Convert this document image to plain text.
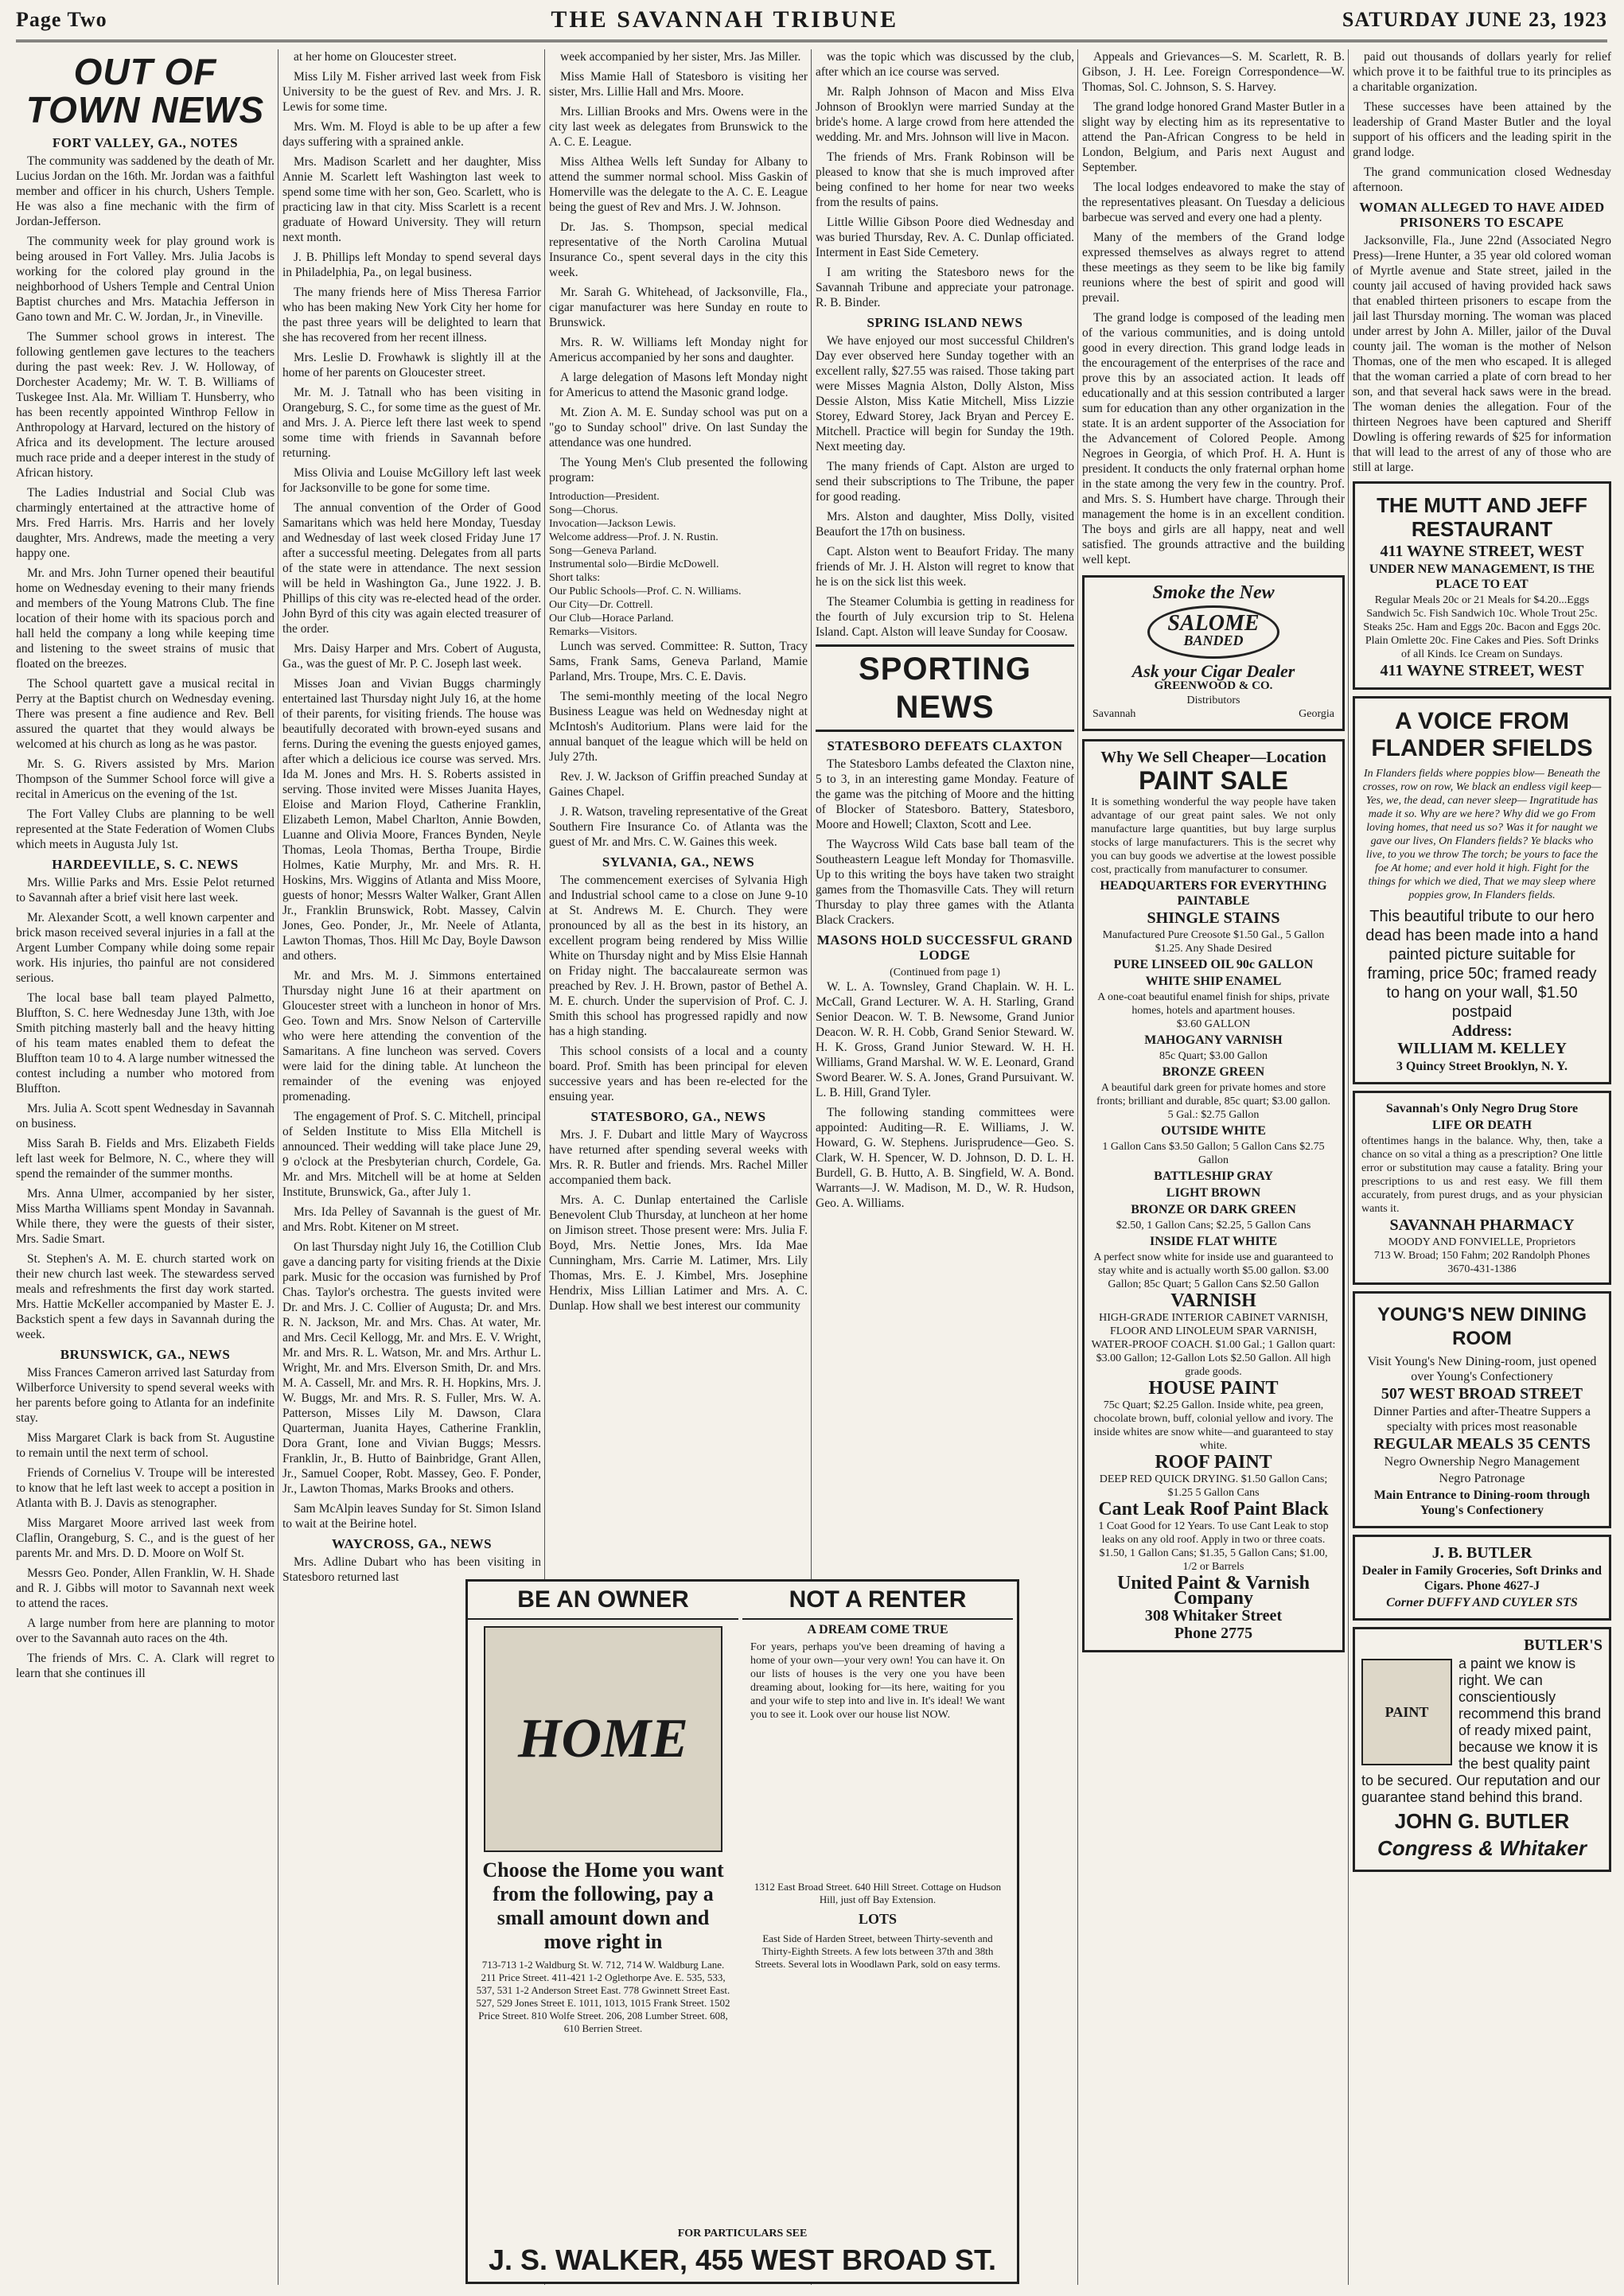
Page Two	THE SAVANNAH TRIBUNE	SATURDAY JUNE 23, 1923
OUT OF TOWN NEWS
FORT VALLEY, GA., NOTES

The community was saddened by the death of Mr. Lucius Jordan on the 16th. Mr. Jordan was a faithful member and officer in his church, Ushers Temple. He was also a fine mechanic with the firm of Jordan-Jefferson.

The community week for play ground work is being aroused in Fort Valley. Mrs. Julia Jacobs is working for the colored play ground in the neighborhood of Ushers Temple and Central Union Baptist churches and Mrs. Matachia Jefferson in Gano town and Mr. C. W. Jordan, Jr., in Vineville.

The Summer school grows in interest. The following gentlemen gave lectures to the teachers during the past week: Rev. J. W. Holloway, of Dorchester Academy; Mr. W. T. B. Williams of Tuskegee Inst. Ala. Mr. William T. Hunsberry, who has been recently appointed Winthrop Fellow in Anthropology at Harvard, lectured on the history of Africa and its development. The lecture aroused much race pride and a deeper interest in the study of African history.

The Ladies Industrial and Social Club was charmingly entertained at the attractive home of Mrs. Fred Harris. Mrs. Harris and her lovely daughter, Mrs. Andrews, made the meeting a very happy one.

Mr. and Mrs. John Turner opened their beautiful home on Wednesday evening to their many friends and members of the Young Matrons Club. The fine location of their home with its spacious porch and hall held the company a long while keeping time and listening to the sweet strains of music that floated on the breezes.

The School quartett gave a musical recital in Perry at the Baptist church on Wednesday evening. There was present a fine audience and Rev. Bell assured the quartet that they would always be welcomed at his church as long as he was pastor.

Mr. S. G. Rivers assisted by Mrs. Marion Thompson of the Summer School force will give a recital in Americus on the evening of the 1st.

The Fort Valley Clubs are planning to be well represented at the State Federation of Women Clubs which meets in Augusta July 1st.

HARDEEVILLE, S. C. NEWS

Mrs. Willie Parks and Mrs. Essie Pelot returned to Savannah after a brief visit here last week.

Mr. Alexander Scott, a well known carpenter and brick mason received several injuries in a fall at the Argent Lumber Company while doing some repair work. His injuries, tho painful are not considered serious.

The local base ball team played Palmetto, Bluffton, S. C. here Wednesday June 13th, with Joe Smith pitching masterly ball and the heavy hitting of his team mates enabled them to defeat the Bluffton team 10 to 4. A large number witnessed the contest including a number who motored from Bluffton.

Mrs. Julia A. Scott spent Wednesday in Savannah on business.

Miss Sarah B. Fields and Mrs. Elizabeth Fields left last week for Belmore, N. C., where they will spend the remainder of the summer months.

Mrs. Anna Ulmer, accompanied by her sister, Miss Martha Williams spent Monday in Savannah. While there, they were the guests of their sister, Mrs. Sadie Smart.

St. Stephen's A. M. E. church started work on their new church last week. The stewardess served meals and refreshments the first day work started. Mrs. Hattie McKeller accompanied by Master E. J. Backstich spent a few days in Savannah during the week.

BRUNSWICK, GA., NEWS

Miss Frances Cameron arrived last Saturday from Wilberforce University to spend several weeks with her parents before going to Atlanta for an indefinite stay.

Miss Margaret Clark is back from St. Augustine to remain until the next term of school.

Friends of Cornelius V. Troupe will be interested to know that he left last week to accept a position in Atlanta with B. J. Davis as stenographer.

Miss Margaret Moore arrived last week from Claflin, Orangeburg, S. C., and is the guest of her parents Mr. and Mrs. D. D. Moore on Wolf St.

Messrs Geo. Ponder, Allen Franklin, W. H. Shade and R. J. Gibbs will motor to Savannah next week to attend the races.

A large number from here are planning to motor over to the Savannah auto races on the 4th.

The friends of Mrs. C. A. Clark will regret to learn that she continues ill

at her home on Gloucester street.

Miss Lily M. Fisher arrived last week from Fisk University to be the guest of Rev. and Mrs. J. R. Lewis for some time.

Mrs. Wm. M. Floyd is able to be up after a few days suffering with a sprained ankle.

Mrs. Madison Scarlett and her daughter, Miss Annie M. Scarlett left Washington last week to spend some time with her son, Geo. Scarlett, who is practicing law in that city. Miss Scarlett is a recent graduate of Howard University. They will return next month.

J. B. Phillips left Monday to spend several days in Philadelphia, Pa., on legal business.

The many friends here of Miss Theresa Farrior who has been making New York City her home for the past three years will be delighted to learn that she has recovered from her recent illness.

Mrs. Leslie D. Frowhawk is slightly ill at the home of her parents on Gloucester street.

Mr. M. J. Tatnall who has been visiting in Orangeburg, S. C., for some time as the guest of Mr. and Mrs. J. A. Pierce left there last week to spend some time with friends in Savannah before returning.

Miss Olivia and Louise McGillory left last week for Jacksonville to be gone for some time.

The annual convention of the Order of Good Samaritans which was held here Monday, Tuesday and Wednesday of last week closed Friday June 17 after a successful meeting. Delegates from all parts of the state were in attendance. The next session will be held in Washington Ga., June 1922. J. B. Phillips of this city was re-elected head of the order. John Byrd of this city was again elected treasurer of the order.

Mrs. Daisy Harper and Mrs. Cobert of Augusta, Ga., was the guest of Mr. P. C. Joseph last week.

Misses Joan and Vivian Buggs charmingly entertained last Thursday night July 16, at the home of their parents, for visiting friends. The house was beautifully decorated with brown-eyed susans and ferns. During the evening the guests enjoyed games, after which a delicious ice course was served. Mrs. Ida M. Jones and Mrs. H. S. Roberts assisted in serving. Those invited were Misses Juanita Hayes, Eloise and Marion Floyd, Catherine Franklin, Elizabeth Lemon, Mabel Charlton, Annie Bowden, Luanne and Olivia Moore, Frances Bynden, Neyle Thomas, Leola Thomas, Bertha Troupe, Birdie Holmes, Katie Murphy, Mr. and Mrs. R. H. Hoskins, Mrs. Wiggins of Atlanta and Miss Moore, guests of honor; Messrs Walter Walker, Grant Allen Jr., Franklin Brunswick, Robt. Massey, Calvin Jones, Geo. Ponder, Jr., Mr. Neele of Atlanta, Lawton Thomas, Thos. Hill Mc Day, Boyle Dawson and others.

Mr. and Mrs. M. J. Simmons entertained Thursday night June 16 at their apartment on Gloucester street with a luncheon in honor of Mrs. Geo. Town and Mrs. Snow Nelson of Carterville who were here attending the convention of the Samaritans. A fine luncheon was served. Covers were laid for the dining table. At luncheon the remainder of the evening was enjoyed promenading.

The engagement of Prof. S. C. Mitchell, principal of Selden Institute to Miss Ella Mitchell is announced. Their wedding will take place June 29, 9 o'clock at the Presbyterian church, Cordele, Ga. Mr. and Mrs. Mitchell will be at home at Selden Institute, Brunswick, Ga., after July 1.

Mrs. Ida Pelley of Savannah is the guest of Mr. and Mrs. Robt. Kitener on M street.

On last Thursday night July 16, the Cotillion Club gave a dancing party for visiting friends at the Dixie park. Music for the occasion was furnished by Prof Chas. Taylor's orchestra. The guests invited were Dr. and Mrs. J. C. Collier of Augusta; Dr. and Mrs. R. N. Jackson, Mr. and Mrs. Chas. At water, Mr. and Mrs. Cecil Kellogg, Mr. and Mrs. E. V. Wright, Mr. and Mrs. R. L. Watson, Mr. and Mrs. Arthur L. Wright, Mr. and Mrs. Elverson Smith, Dr. and Mrs. M. A. Cassell, Mr. and Mrs. R. H. Hopkins, Mrs. J. W. Buggs, Mr. and Mrs. R. S. Fuller, Mrs. W. A. Patterson, Misses Lily M. Dawson, Clara Quarterman, Juanita Hayes, Catherine Franklin, Dora Grant, Ione and Vivian Buggs; Messrs. Franklin, Jr., B. Hutto of Bainbridge, Grant Allen, Jr., Samuel Cooper, Robt. Massey, Geo. F. Ponder, Jr., Lawton Thomas, Marks Brooks and others.

Sam McAlpin leaves Sunday for St. Simon Island to wait at the Beirine hotel.

WAYCROSS, GA., NEWS

Mrs. Adline Dubart who has been visiting in Statesboro returned last

week accompanied by her sister, Mrs. Jas Miller.

Miss Mamie Hall of Statesboro is visiting her sister, Mrs. Lillie Hall and Mrs. Moore.

Mrs. Lillian Brooks and Mrs. Owens were in the city last week as delegates from Brunswick to the A. C. E. League.

Miss Althea Wells left Sunday for Albany to attend the summer normal school. Miss Gaskin of Homerville was the delegate to the A. C. E. League being the guest of Rev and Mrs. J. W. Johnson.

Dr. Jas. S. Thompson, special medical representative of the North Carolina Mutual Insurance Co., spent several days in the city this week.

Mr. Sarah G. Whitehead, of Jacksonville, Fla., cigar manufacturer was here Sunday en route to Brunswick.

Mrs. R. W. Williams left Monday night for Americus accompanied by her sons and daughter.

A large delegation of Masons left Monday night for Americus to attend the Masonic grand lodge.

Mt. Zion A. M. E. Sunday school was put on a "go to Sunday school" drive. On last Sunday the attendance was one hundred.

The Young Men's Club presented the following program:

Introduction—President.
Song—Chorus.
Invocation—Jackson Lewis.
Welcome address—Prof. J. N. Rustin.
Song—Geneva Parland.
Instrumental solo—Birdie McDowell.
Short talks:
Our Public Schools—Prof. C. N. Williams.
Our City—Dr. Cottrell.
Our Club—Horace Parland.
Remarks—Visitors.

Lunch was served. Committee: R. Sutton, Tracy Sams, Frank Sams, Geneva Parland, Mamie Parland, Mrs. Troupe, Mrs. C. E. Davis.

The semi-monthly meeting of the local Negro Business League was held on Wednesday night at McIntosh's Auditorium. Plans were laid for the annual banquet of the league which will be held on July 27th.

Rev. J. W. Jackson of Griffin preached Sunday at Gaines Chapel.

J. R. Watson, traveling representative of the Great Southern Fire Insurance Co. of Atlanta was the guest of Mr. and Mrs. C. W. Gaines this week.

SYLVANIA, GA., NEWS

The commencement exercises of Sylvania High and Industrial school came to a close on June 9-10 at St. Andrews M. E. Church. They were pronounced by all as the best in its history, an excellent program being rendered by Miss Willie White on Thursday night and by Miss Elsie Hannah on Friday night. The baccalaureate sermon was preached by Rev. J. H. Brown, pastor of Bethel A. M. E. church. Under the supervision of Prof. C. J. Smith this school has progressed rapidly and now has a high standing.

This school consists of a local and a county board. Prof. Smith has been principal for eleven successive years and has been re-elected for the ensuing year.

STATESBORO, GA., NEWS

Mrs. J. F. Dubart and little Mary of Waycross have returned after spending several weeks with Mrs. R. R. Butler and friends. Mrs. Rachel Miller accompanied them back.

Mrs. A. C. Dunlap entertained the Carlisle Benevolent Club Thursday, at luncheon at her home on Jimison street. Those present were: Mrs. Julia F. Boyd, Mrs. Nettie Jones, Mrs. Ida Mae Cunningham, Mrs. Carrie M. Latimer, Mrs. Lily Thomas, Mrs. E. J. Kimbel, Mrs. Josephine Hendrix, Miss Lillian Latimer and Mrs. A. C. Dunlap. How shall we best interest our community

was the topic which was discussed by the club, after which an ice course was served.

Mr. Ralph Johnson of Macon and Miss Elva Johnson of Brooklyn were married Sunday at the bride's home. A large crowd from here attended the wedding. Mr. and Mrs. Johnson will live in Macon.

The friends of Mrs. Frank Robinson will be pleased to know that she is much improved after being confined to her home for near two weeks from the results of pains.

Little Willie Gibson Poore died Wednesday and was buried Thursday, Rev. A. C. Dunlap officiated. Interment in East Side Cemetery.

I am writing the Statesboro news for the Savannah Tribune and appreciate your patronage. R. B. Binder.

SPRING ISLAND NEWS

We have enjoyed our most successful Children's Day ever observed here Sunday together with an excellent rally, $27.55 was raised. Those taking part were Misses Magnia Alston, Dolly Alston, Miss Dessie Alston, Miss Katie Mitchell, Miss Lizzie Storey, Edward Storey, Jack Bryan and Percey E. Mitchell. Practice will begin for Sunday the 19th. Next meeting day.

The many friends of Capt. Alston are urged to send their subscriptions to The Tribune, the paper for good reading.

Mrs. Alston and daughter, Miss Dolly, visited Beaufort the 17th on business.

Capt. Alston went to Beaufort Friday. The many friends of Mr. J. H. Alston will regret to know that he is on the sick list this week.

The Steamer Columbia is getting in readiness for the fourth of July excursion trip to St. Helena Island. Capt. Alston will leave Sunday for Coosaw.

SPORTING NEWS
STATESBORO DEFEATS CLAXTON

The Statesboro Lambs defeated the Claxton nine, 5 to 3, in an interesting game Monday. Feature of the game was the pitching of Moore and the hitting of Blocker of Statesboro. Battery, Statesboro, Moore and Howell; Claxton, Scott and Lee.

The Waycross Wild Cats base ball team of the Southeastern League left Monday for Thomasville. Up to this writing the boys have taken two straight games from the Thomasville Cats. They will return Thursday to play three games with the Atlanta Black Crackers.

MASONS HOLD SUCCESSFUL GRAND LODGE
(Continued from page 1)

W. L. A. Townsley, Grand Chaplain. W. H. L. McCall, Grand Lecturer. W. A. H. Starling, Grand Senior Deacon. W. T. B. Newsome, Grand Junior Deacon. W. R. H. Cobb, Grand Senior Steward. W. H. K. Gross, Grand Junior Steward. W. H. H. Williams, Grand Marshal. W. W. E. Leonard, Grand Sword Bearer. W. S. A. Jones, Grand Pursuivant. W. L. B. Hill, Grand Tyler.

The following standing committees were appointed: Auditing—R. E. Williams, J. W. Howard, G. W. Stephens. Jurisprudence—Geo. S. Clark, W. H. Spencer, W. D. Johnson, D. D. L. H. Burdell, G. B. Hutto, A. B. Singfield, W. A. Bond. Warrants—J. W. Madison, M. D., W. R. Hudson, Geo. A. Williams.

BE AN OWNER
HOME
Choose the Home you want from the following, pay a small amount down and move right in
713-713 1-2 Waldburg St. W. 712, 714 W. Waldburg Lane. 211 Price Street. 411-421 1-2 Oglethorpe Ave. E. 535, 533, 537, 531 1-2 Anderson Street East. 778 Gwinnett Street East. 527, 529 Jones Street E. 1011, 1013, 1015 Frank Street. 1502 Price Street. 810 Wolfe Street. 206, 208 Lumber Street. 608, 610 Berrien Street.
NOT A RENTER
A DREAM COME TRUE
For years, perhaps you've been dreaming of having a home of your own—your very own! You can have it. On our lists of houses is the very one you have been dreaming about, looking for—its here, waiting for you and your wife to step into and live in. It's ideal! We want you to see it. Look over our house list NOW.
1312 East Broad Street. 640 Hill Street. Cottage on Hudson Hill, just off Bay Extension.
LOTS
East Side of Harden Street, between Thirty-seventh and Thirty-Eighth Streets. A few lots between 37th and 38th Streets. Several lots in Woodlawn Park, sold on easy terms.
FOR PARTICULARS SEE
J. S. WALKER, 455 WEST BROAD ST.

Appeals and Grievances—S. M. Scarlett, R. B. Gibson, J. H. Lee. Foreign Correspondence—W. Thomas, Sol. C. Johnson, S. S. Harvey.

The grand lodge honored Grand Master Butler in a slight way by electing him as its representative to attend the Pan-African Congress to be held in London, Belgium, and Paris next August and September.

The local lodges endeavored to make the stay of the representatives pleasant. On Tuesday a delicious barbecue was served and every one had a plenty.

Many of the members of the Grand lodge expressed themselves as always regret to attend these meetings as they seem to be like big family reunions where the best of spirit and good will prevail.

The grand lodge is composed of the leading men of the various communities, and is doing untold good in every direction. This grand lodge leads in the encouragement of the enterprises of the race and prove this by an associated action. It leads off educationally and at this session contributed a larger sum for education than any other organization in the state. It is an ardent supporter of the Association for the Advancement of Colored People. Among Negroes in Georgia, of which Prof. H. A. Hunt is president. It conducts the only fraternal orphan home in the state among the very few in the country. Prof. and Mrs. S. S. Humbert have charge. Through their management the home is in an excellent condition. The boys and girls are all happy, neat and well satisfied. The grounds attractive and the building well kept.

Smoke the New
SALOME
BANDED
Ask your Cigar Dealer
GREENWOOD & CO.
Distributors
Savannah	Georgia
Why We Sell Cheaper—Location
PAINT SALE
It is something wonderful the way people have taken advantage of our great paint sales. We not only manufacture large quantities, but buy large surplus stocks of large manufacturers. This is the secret why you can buy goods we advertise at the lowest possible cost, practically from manufacturer to consumer.
HEADQUARTERS FOR EVERYTHING PAINTABLE
SHINGLE STAINS
Manufactured Pure Creosote $1.50 Gal., 5 Gallon $1.25. Any Shade Desired
PURE LINSEED OIL 90c GALLON
WHITE SHIP ENAMEL
A one-coat beautiful enamel finish for ships, private homes, hotels and apartment houses.
$3.60 GALLON
MAHOGANY VARNISH
85c Quart; $3.00 Gallon
BRONZE GREEN
A beautiful dark green for private homes and store fronts; brilliant and durable, 85c quart; $3.00 gallon.
5 Gal.: $2.75 Gallon
OUTSIDE WHITE
1 Gallon Cans $3.50 Gallon; 5 Gallon Cans $2.75 Gallon
BATTLESHIP GRAY
LIGHT BROWN
BRONZE OR DARK GREEN
$2.50, 1 Gallon Cans; $2.25, 5 Gallon Cans
INSIDE FLAT WHITE
A perfect snow white for inside use and guaranteed to stay white and is actually worth $5.00 gallon. $3.00 Gallon; 85c Quart; 5 Gallon Cans $2.50 Gallon
VARNISH
HIGH-GRADE INTERIOR CABINET VARNISH, FLOOR AND LINOLEUM SPAR VARNISH, WATER-PROOF COACH. $1.00 Gal.; 1 Gallon quart: $3.00 Gallon; 12-Gallon Lots $2.50 Gallon. All high grade goods.
HOUSE PAINT
75c Quart; $2.25 Gallon. Inside white, pea green, chocolate brown, buff, colonial yellow and ivory. The inside whites are snow white—and guaranteed to stay white.
ROOF PAINT
DEEP RED QUICK DRYING. $1.50 Gallon Cans; $1.25 5 Gallon Cans
Cant Leak Roof Paint Black
1 Coat Good for 12 Years. To use Cant Leak to stop leaks on any old roof. Apply in two or three coats. $1.50, 1 Gallon Cans; $1.35, 5 Gallon Cans; $1.00, 1/2 or Barrels
United Paint & Varnish Company
308 Whitaker Street
Phone 2775

paid out thousands of dollars yearly for relief which prove it to be faithful true to its principles as a charitable organization.

These successes have been attained by the leadership of Grand Master Butler and the loyal support of his officers and the leading spirit in the grand lodge.

The grand communication closed Wednesday afternoon.

WOMAN ALLEGED TO HAVE AIDED PRISONERS TO ESCAPE

Jacksonville, Fla., June 22nd (Associated Negro Press)—Irene Hunter, a 35 year old colored woman of Myrtle avenue and State street, jailed in the county jail accused of having provided hack saws that enabled thirteen prisoners to escape from the jail last Thursday morning. The woman was placed under arrest by John A. Miller, jailor of the Duval county jail. The woman is the mother of Nelson Thomas, one of the men who escaped. It is alleged that the woman carried a plate of corn bread to her son, and that several hack saws were in the bread. The woman denies the allegation. Four of the thirteen Negroes have been captured and Sheriff Dowling is offering rewards of $25 for information that will lead to the arrest of any of those who are still at large.

THE MUTT AND JEFF RESTAURANT
411 WAYNE STREET, WEST
UNDER NEW MANAGEMENT, IS THE PLACE TO EAT
Regular Meals 20c or 21 Meals for $4.20...Eggs Sandwich 5c. Fish Sandwich 10c. Whole Trout 25c. Steaks 25c. Ham and Eggs 20c. Bacon and Eggs 20c. Plain Omlette 20c. Fine Cakes and Pies. Soft Drinks of all Kinds. Ice Cream on Sundays.
411 WAYNE STREET, WEST
A VOICE FROM FLANDER SFIELDS
In Flanders fields where poppies blow— Beneath the crosses, row on row, We black an endless vigil keep— Yes, we, the dead, can never sleep— Ingratitude has made it so. Why are we here? Why did we go From loving homes, that need us so? Was it for naught we gave our lives, On Flanders fields? Ye blacks who live, to you we throw The torch; be yours to face the foe At home; and ever hold it high. Fight for the things for which we died, That we may sleep where poppies grow, In Flanders fields.
This beautiful tribute to our hero dead has been made into a hand painted picture suitable for framing, price 50c; framed ready to hang on your wall, $1.50 postpaid
Address:
WILLIAM M. KELLEY
3 Quincy Street Brooklyn, N. Y.
Savannah's Only Negro Drug Store
LIFE OR DEATH
oftentimes hangs in the balance. Why, then, take a chance on so vital a thing as a prescription? One little error or substitution may cause a fatality. Bring your prescriptions to us and rest easy. We fill them accurately, from purest drugs, and as your physician wants it.
SAVANNAH PHARMACY
MOODY AND FONVIELLE, Proprietors
713 W. Broad; 150 Fahm; 202 Randolph Phones 3670-431-1386
YOUNG'S NEW DINING ROOM
Visit Young's New Dining-room, just opened over Young's Confectionery
507 WEST BROAD STREET
Dinner Parties and after-Theatre Suppers a specialty with prices most reasonable
REGULAR MEALS 35 CENTS
Negro Ownership Negro Management
Negro Patronage
Main Entrance to Dining-room through Young's Confectionery
J. B. BUTLER
Dealer in Family Groceries, Soft Drinks and Cigars. Phone 4627-J
Corner DUFFY AND CUYLER STS
BUTLER'S
PAINT
a paint we know is right. We can conscientiously recommend this brand of ready mixed paint, because we know it is the best quality paint to be secured. Our reputation and our guarantee stand behind this brand.
JOHN G. BUTLER
Congress & Whitaker
